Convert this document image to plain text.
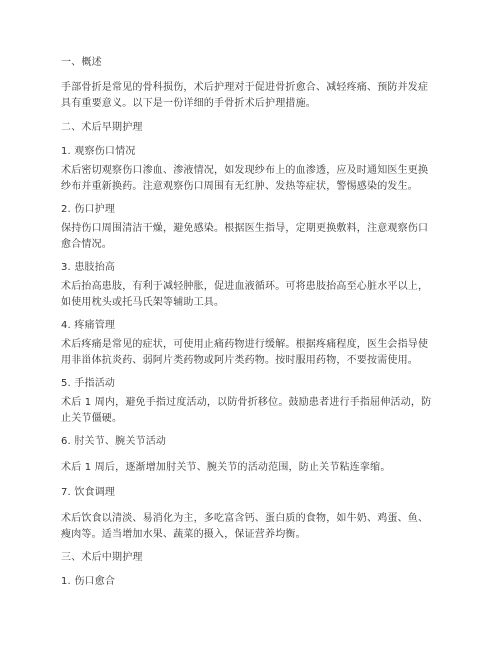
一、概述
手部骨折是常见的骨科损伤，术后护理对于促进骨折愈合、减轻疼痛、预防并发症
具有重要意义。以下是一份详细的手骨折术后护理措施。
二、术后早期护理
1. 观察伤口情况
术后密切观察伤口渗血、渗液情况，如发现纱布上的血渗透，应及时通知医生更换
纱布并重新换药。注意观察伤口周围有无红肿、发热等症状，警惕感染的发生。
2. 伤口护理
保持伤口周围清洁干燥，避免感染。根据医生指导，定期更换敷料，注意观察伤口
愈合情况。
3. 患肢抬高
术后抬高患肢，有利于减轻肿胀，促进血液循环。可将患肢抬高至心脏水平以上，
如使用枕头或托马氏架等辅助工具。
4. 疼痛管理
术后疼痛是常见的症状，可使用止痛药物进行缓解。根据疼痛程度，医生会指导使
用非甾体抗炎药、弱阿片类药物或阿片类药物。按时服用药物，不要按需使用。
5. 手指活动
术后 1 周内，避免手指过度活动，以防骨折移位。鼓励患者进行手指屈伸活动，防
止关节僵硬。
6. 肘关节、腕关节活动
术后 1 周后，逐渐增加肘关节、腕关节的活动范围，防止关节粘连挛缩。
7. 饮食调理
术后饮食以清淡、易消化为主，多吃富含钙、蛋白质的食物，如牛奶、鸡蛋、鱼、
瘦肉等。适当增加水果、蔬菜的摄入，保证营养均衡。
三、术后中期护理
1. 伤口愈合
